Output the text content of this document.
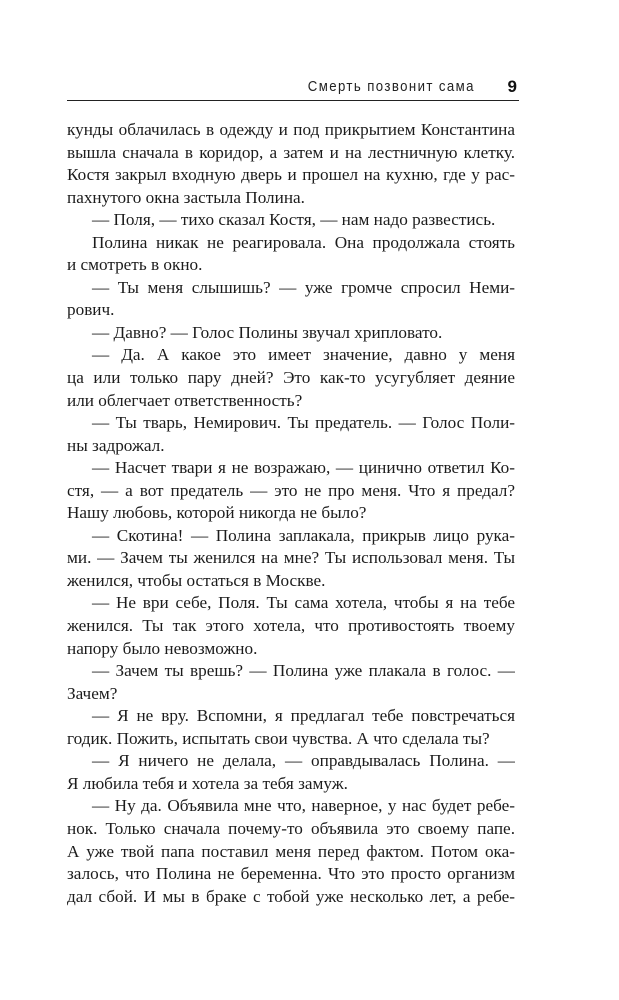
Смерть позвонит сама 9
кунды облачилась в одежду и под прикрытием Константина
вышла сначала в коридор, а затем и на лестничную клетку.
Костя закрыл входную дверь и прошел на кухню, где у рас-
пахнутого окна застыла Полина.
— Поля, — тихо сказал Костя, — нам надо развестись.
Полина никак не реагировала. Она продолжала стоять
и смотреть в окно.
— Ты меня слышишь? — уже громче спросил Неми-
рович.
— Давно? — Голос Полины звучал хрипловато.
— Да. А какое это имеет значение, давно у меня
ца или только пару дней? Это как-то усугубляет деяние
или облегчает ответственность?
— Ты тварь, Немирович. Ты предатель. — Голос Поли-
ны задрожал.
— Насчет твари я не возражаю, — цинично ответил Ко-
стя, — а вот предатель — это не про меня. Что я предал?
Нашу любовь, которой никогда не было?
— Скотина! — Полина заплакала, прикрыв лицо рука-
ми. — Зачем ты женился на мне? Ты использовал меня. Ты
женился, чтобы остаться в Москве.
— Не ври себе, Поля. Ты сама хотела, чтобы я на тебе
женился. Ты так этого хотела, что противостоять твоему
напору было невозможно.
— Зачем ты врешь? — Полина уже плакала в голос. —
Зачем?
— Я не вру. Вспомни, я предлагал тебе повстречаться
годик. Пожить, испытать свои чувства. А что сделала ты?
— Я ничего не делала, — оправдывалась Полина. —
Я любила тебя и хотела за тебя замуж.
— Ну да. Объявила мне что, наверное, у нас будет ребе-
нок. Только сначала почему-то объявила это своему папе.
А уже твой папа поставил меня перед фактом. Потом ока-
залось, что Полина не беременна. Что это просто организм
дал сбой. И мы в браке с тобой уже несколько лет, а ребе-
